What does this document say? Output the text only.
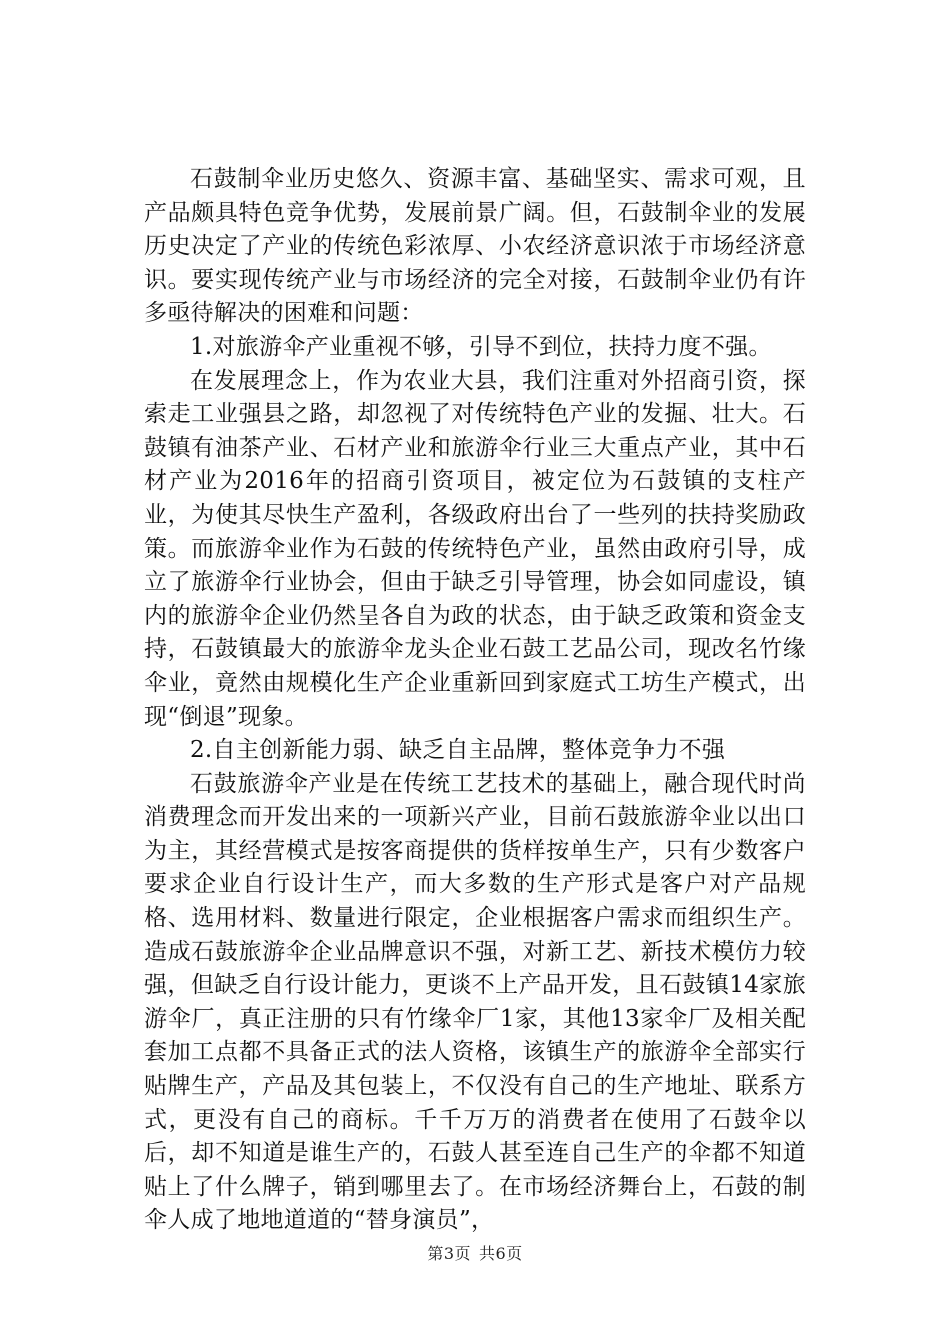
石鼓制伞业历史悠久、资源丰富、基础坚实、需求可观，且产品颇具特色竞争优势，发展前景广阔。但，石鼓制伞业的发展历史决定了产业的传统色彩浓厚、小农经济意识浓于市场经济意识。要实现传统产业与市场经济的完全对接，石鼓制伞业仍有许多亟待解决的困难和问题：

1.对旅游伞产业重视不够，引导不到位，扶持力度不强。

在发展理念上，作为农业大县，我们注重对外招商引资，探索走工业强县之路，却忽视了对传统特色产业的发掘、壮大。石鼓镇有油茶产业、石材产业和旅游伞行业三大重点产业，其中石材产业为2016年的招商引资项目，被定位为石鼓镇的支柱产业，为使其尽快生产盈利，各级政府出台了一些列的扶持奖励政策。而旅游伞业作为石鼓的传统特色产业，虽然由政府引导，成立了旅游伞行业协会，但由于缺乏引导管理，协会如同虚设，镇内的旅游伞企业仍然呈各自为政的状态，由于缺乏政策和资金支持，石鼓镇最大的旅游伞龙头企业石鼓工艺品公司，现改名竹缘伞业，竟然由规模化生产企业重新回到家庭式工坊生产模式，出现“倒退”现象。

2.自主创新能力弱、缺乏自主品牌，整体竞争力不强

石鼓旅游伞产业是在传统工艺技术的基础上，融合现代时尚消费理念而开发出来的一项新兴产业，目前石鼓旅游伞业以出口为主，其经营模式是按客商提供的货样按单生产，只有少数客户要求企业自行设计生产，而大多数的生产形式是客户对产品规格、选用材料、数量进行限定，企业根据客户需求而组织生产。造成石鼓旅游伞企业品牌意识不强，对新工艺、新技术模仿力较强，但缺乏自行设计能力，更谈不上产品开发，且石鼓镇14家旅游伞厂，真正注册的只有竹缘伞厂1家，其他13家伞厂及相关配套加工点都不具备正式的法人资格，该镇生产的旅游伞全部实行贴牌生产，产品及其包装上，不仅没有自己的生产地址、联系方式，更没有自己的商标。千千万万的消费者在使用了石鼓伞以后，却不知道是谁生产的，石鼓人甚至连自己生产的伞都不知道贴上了什么牌子，销到哪里去了。在市场经济舞台上，石鼓的制伞人成了地地道道的“替身演员”，

第3页 共6页
